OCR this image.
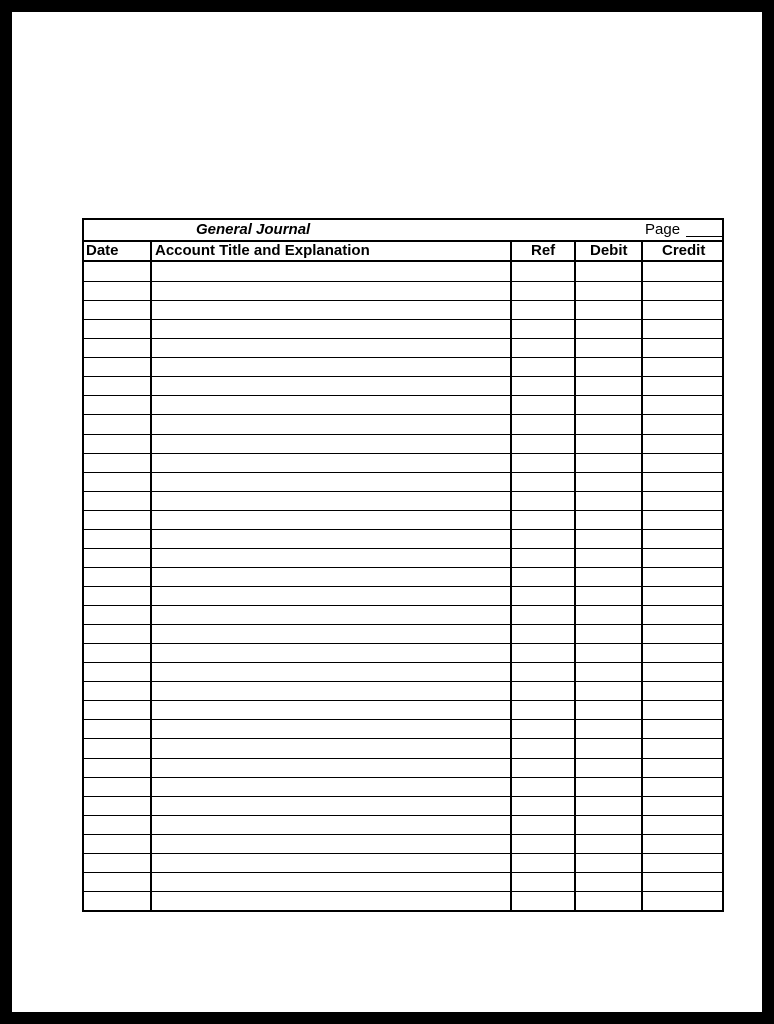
General Journal	Page
Date Account Title and Explanation	Ref Debit Credit
